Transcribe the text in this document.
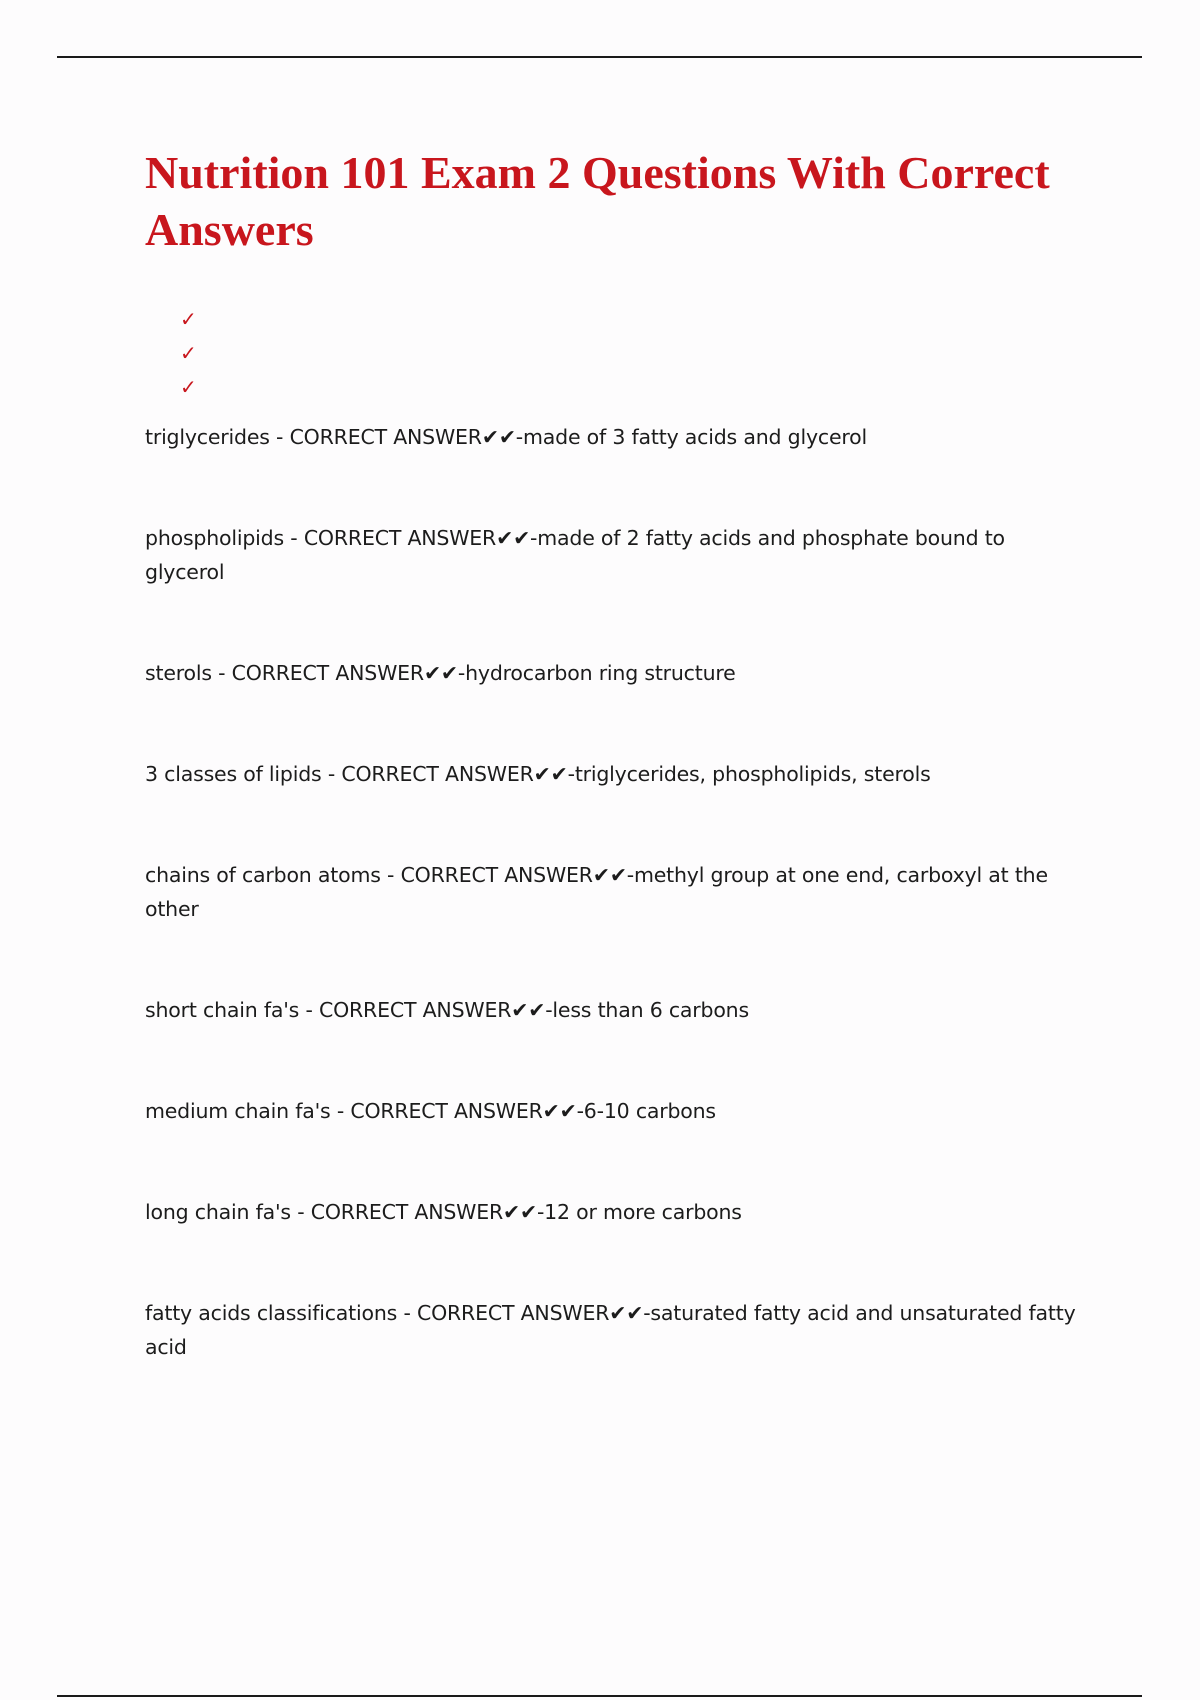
Nutrition 101 Exam 2 Questions With Correct Answers
✓
✓
✓

triglycerides - CORRECT ANSWER✔✔-made of 3 fatty acids and glycerol

phospholipids - CORRECT ANSWER✔✔-made of 2 fatty acids and phosphate bound to glycerol

sterols - CORRECT ANSWER✔✔-hydrocarbon ring structure

3 classes of lipids - CORRECT ANSWER✔✔-triglycerides, phospholipids, sterols

chains of carbon atoms - CORRECT ANSWER✔✔-methyl group at one end, carboxyl at the other

short chain fa's - CORRECT ANSWER✔✔-less than 6 carbons

medium chain fa's - CORRECT ANSWER✔✔-6-10 carbons

long chain fa's - CORRECT ANSWER✔✔-12 or more carbons

fatty acids classifications - CORRECT ANSWER✔✔-saturated fatty acid and unsaturated fatty acid
